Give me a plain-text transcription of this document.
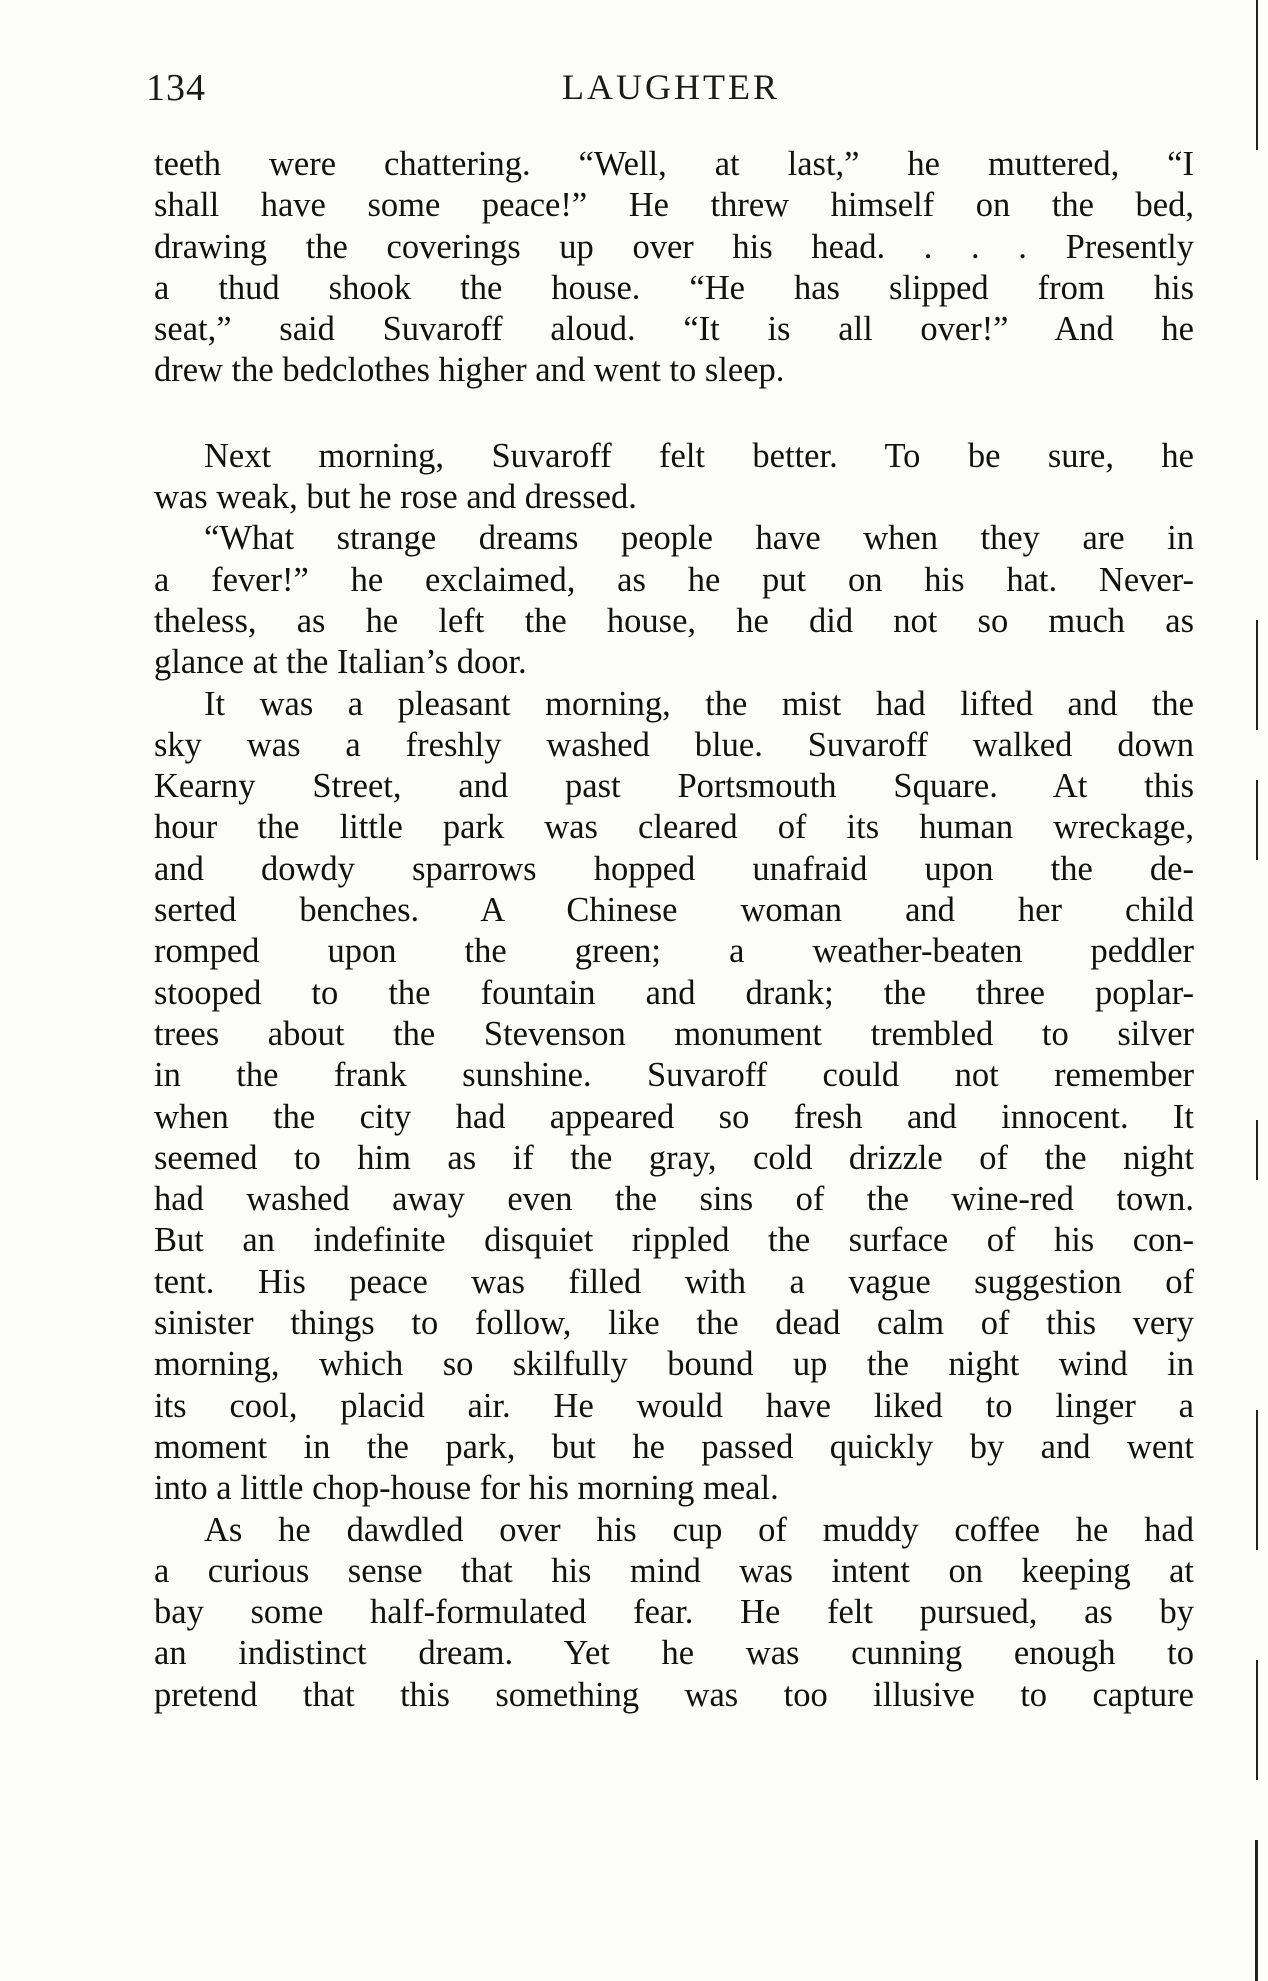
134	LAUGHTER
teeth were chattering. “Well, at last,” he muttered, “I
shall have some peace!” He threw himself on the bed,
drawing the coverings up over his head. . . . Presently
a thud shook the house. “He has slipped from his
seat,” said Suvaroff aloud. “It is all over!” And he
drew the bedclothes higher and went to sleep.
Next morning, Suvaroff felt better. To be sure, he
was weak, but he rose and dressed.
“What strange dreams people have when they are in
a fever!” he exclaimed, as he put on his hat. Never-
theless, as he left the house, he did not so much as
glance at the Italian’s door.
It was a pleasant morning, the mist had lifted and the
sky was a freshly washed blue. Suvaroff walked down
Kearny Street, and past Portsmouth Square. At this
hour the little park was cleared of its human wreckage,
and dowdy sparrows hopped unafraid upon the de-
serted benches. A Chinese woman and her child
romped upon the green; a weather-beaten peddler
stooped to the fountain and drank; the three poplar-
trees about the Stevenson monument trembled to silver
in the frank sunshine. Suvaroff could not remember
when the city had appeared so fresh and innocent. It
seemed to him as if the gray, cold drizzle of the night
had washed away even the sins of the wine-red town.
But an indefinite disquiet rippled the surface of his con-
tent. His peace was filled with a vague suggestion of
sinister things to follow, like the dead calm of this very
morning, which so skilfully bound up the night wind in
its cool, placid air. He would have liked to linger a
moment in the park, but he passed quickly by and went
into a little chop-house for his morning meal.
As he dawdled over his cup of muddy coffee he had
a curious sense that his mind was intent on keeping at
bay some half-formulated fear. He felt pursued, as by
an indistinct dream. Yet he was cunning enough to
pretend that this something was too illusive to capture
